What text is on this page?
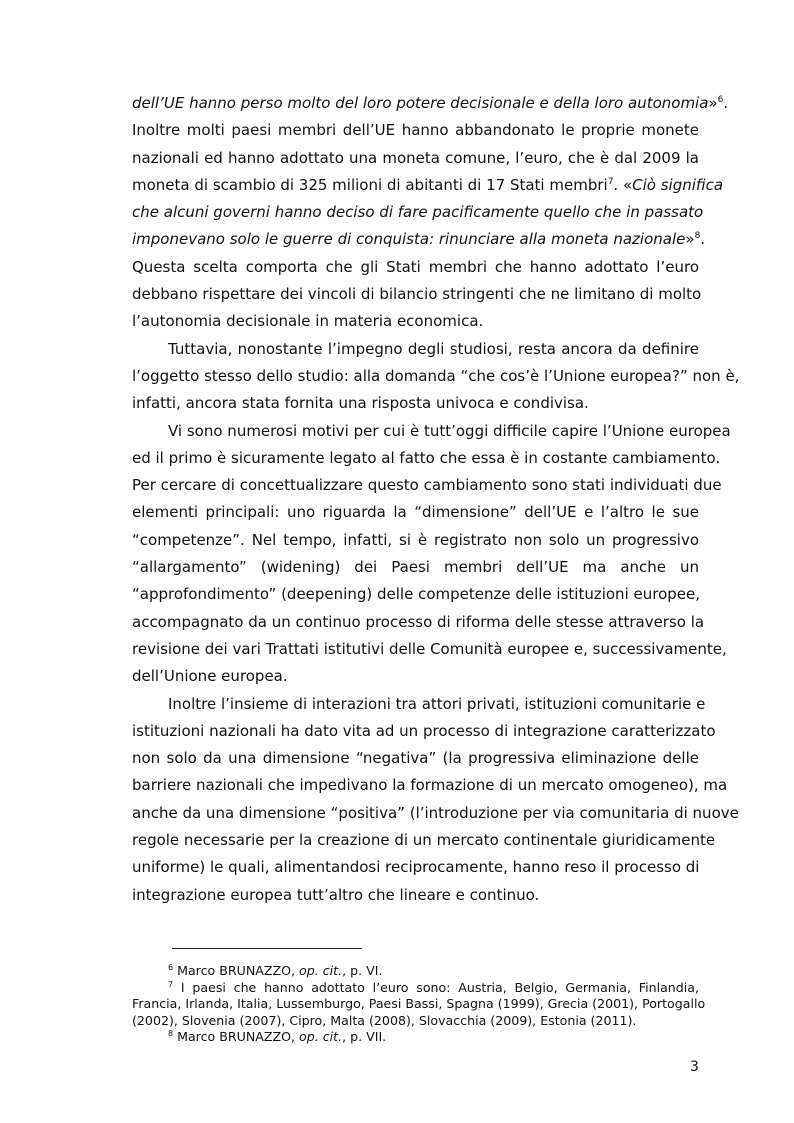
dell’UE hanno perso molto del loro potere decisionale e della loro autonomia»$^6$.
Inoltre molti paesi membri dell’UE hanno abbandonato le proprie monete
nazionali ed hanno adottato una moneta comune, l’euro, che è dal 2009 la
moneta di scambio di 325 milioni di abitanti di 17 Stati membri$^7$. «Ciò significa
che alcuni governi hanno deciso di fare pacificamente quello che in passato
imponevano solo le guerre di conquista: rinunciare alla moneta nazionale»$^8$.
Questa scelta comporta che gli Stati membri che hanno adottato l’euro
debbano rispettare dei vincoli di bilancio stringenti che ne limitano di molto
l’autonomia decisionale in materia economica.
Tuttavia, nonostante l’impegno degli studiosi, resta ancora da definire
l’oggetto stesso dello studio: alla domanda “che cos’è l’Unione europea?” non è,
infatti, ancora stata fornita una risposta univoca e condivisa.
Vi sono numerosi motivi per cui è tutt’oggi difficile capire l’Unione europea
ed il primo è sicuramente legato al fatto che essa è in costante cambiamento.
Per cercare di concettualizzare questo cambiamento sono stati individuati due
elementi principali: uno riguarda la “dimensione” dell’UE e l’altro le sue
“competenze”. Nel tempo, infatti, si è registrato non solo un progressivo
“allargamento” (widening) dei Paesi membri dell’UE ma anche un
“approfondimento” (deepening) delle competenze delle istituzioni europee,
accompagnato da un continuo processo di riforma delle stesse attraverso la
revisione dei vari Trattati istitutivi delle Comunità europee e, successivamente,
dell’Unione europea.
Inoltre l’insieme di interazioni tra attori privati, istituzioni comunitarie e
istituzioni nazionali ha dato vita ad un processo di integrazione caratterizzato
non solo da una dimensione “negativa” (la progressiva eliminazione delle
barriere nazionali che impedivano la formazione di un mercato omogeneo), ma
anche da una dimensione “positiva” (l’introduzione per via comunitaria di nuove
regole necessarie per la creazione di un mercato continentale giuridicamente
uniforme) le quali, alimentandosi reciprocamente, hanno reso il processo di
integrazione europea tutt’altro che lineare e continuo.
$^6$ Marco BRUNAZZO, op. cit., p. VI.
$^7$ I paesi che hanno adottato l’euro sono: Austria, Belgio, Germania, Finlandia,
Francia, Irlanda, Italia, Lussemburgo, Paesi Bassi, Spagna (1999), Grecia (2001), Portogallo
(2002), Slovenia (2007), Cipro, Malta (2008), Slovacchia (2009), Estonia (2011).
$^8$ Marco BRUNAZZO, op. cit., p. VII.
3
